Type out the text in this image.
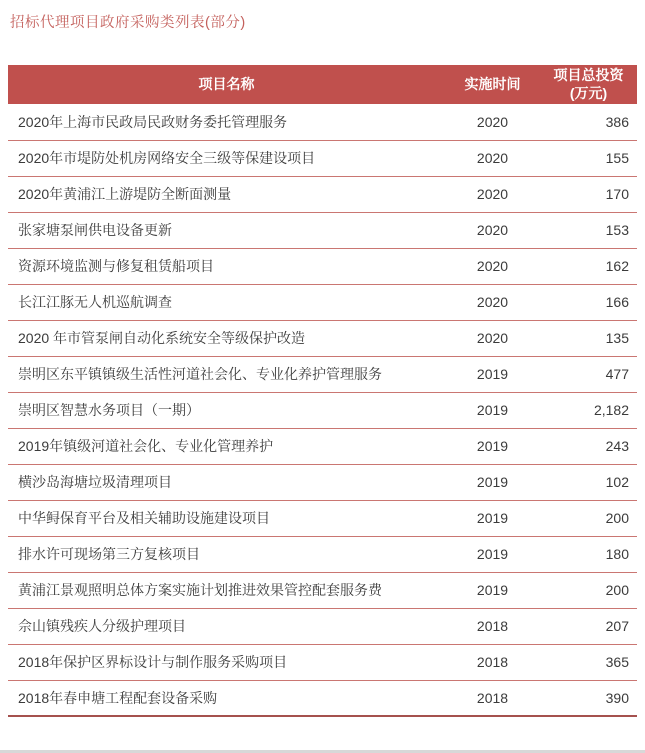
招标代理项目政府采购类列表(部分)
项目名称	实施时间	项目总投资
(万元)

2020年上海市民政局民政财务委托管理服务	2020	386
2020年市堤防处机房网络安全三级等保建设项目	2020	155
2020年黄浦江上游堤防全断面测量	2020	170
张家塘泵闸供电设备更新	2020	153
资源环境监测与修复租赁船项目	2020	162
长江江豚无人机巡航调查	2020	166
2020 年市管泵闸自动化系统安全等级保护改造	2020	135
崇明区东平镇镇级生活性河道社会化、专业化养护管理服务	2019	477
崇明区智慧水务项目（一期）	2019	2,182
2019年镇级河道社会化、专业化管理养护	2019	243
横沙岛海塘垃圾清理项目	2019	102
中华鲟保育平台及相关辅助设施建设项目	2019	200
排水许可现场第三方复核项目	2019	180
黄浦江景观照明总体方案实施计划推进效果管控配套服务费	2019	200
佘山镇残疾人分级护理项目	2018	207
2018年保护区界标设计与制作服务采购项目	2018	365
2018年春申塘工程配套设备采购	2018	390
